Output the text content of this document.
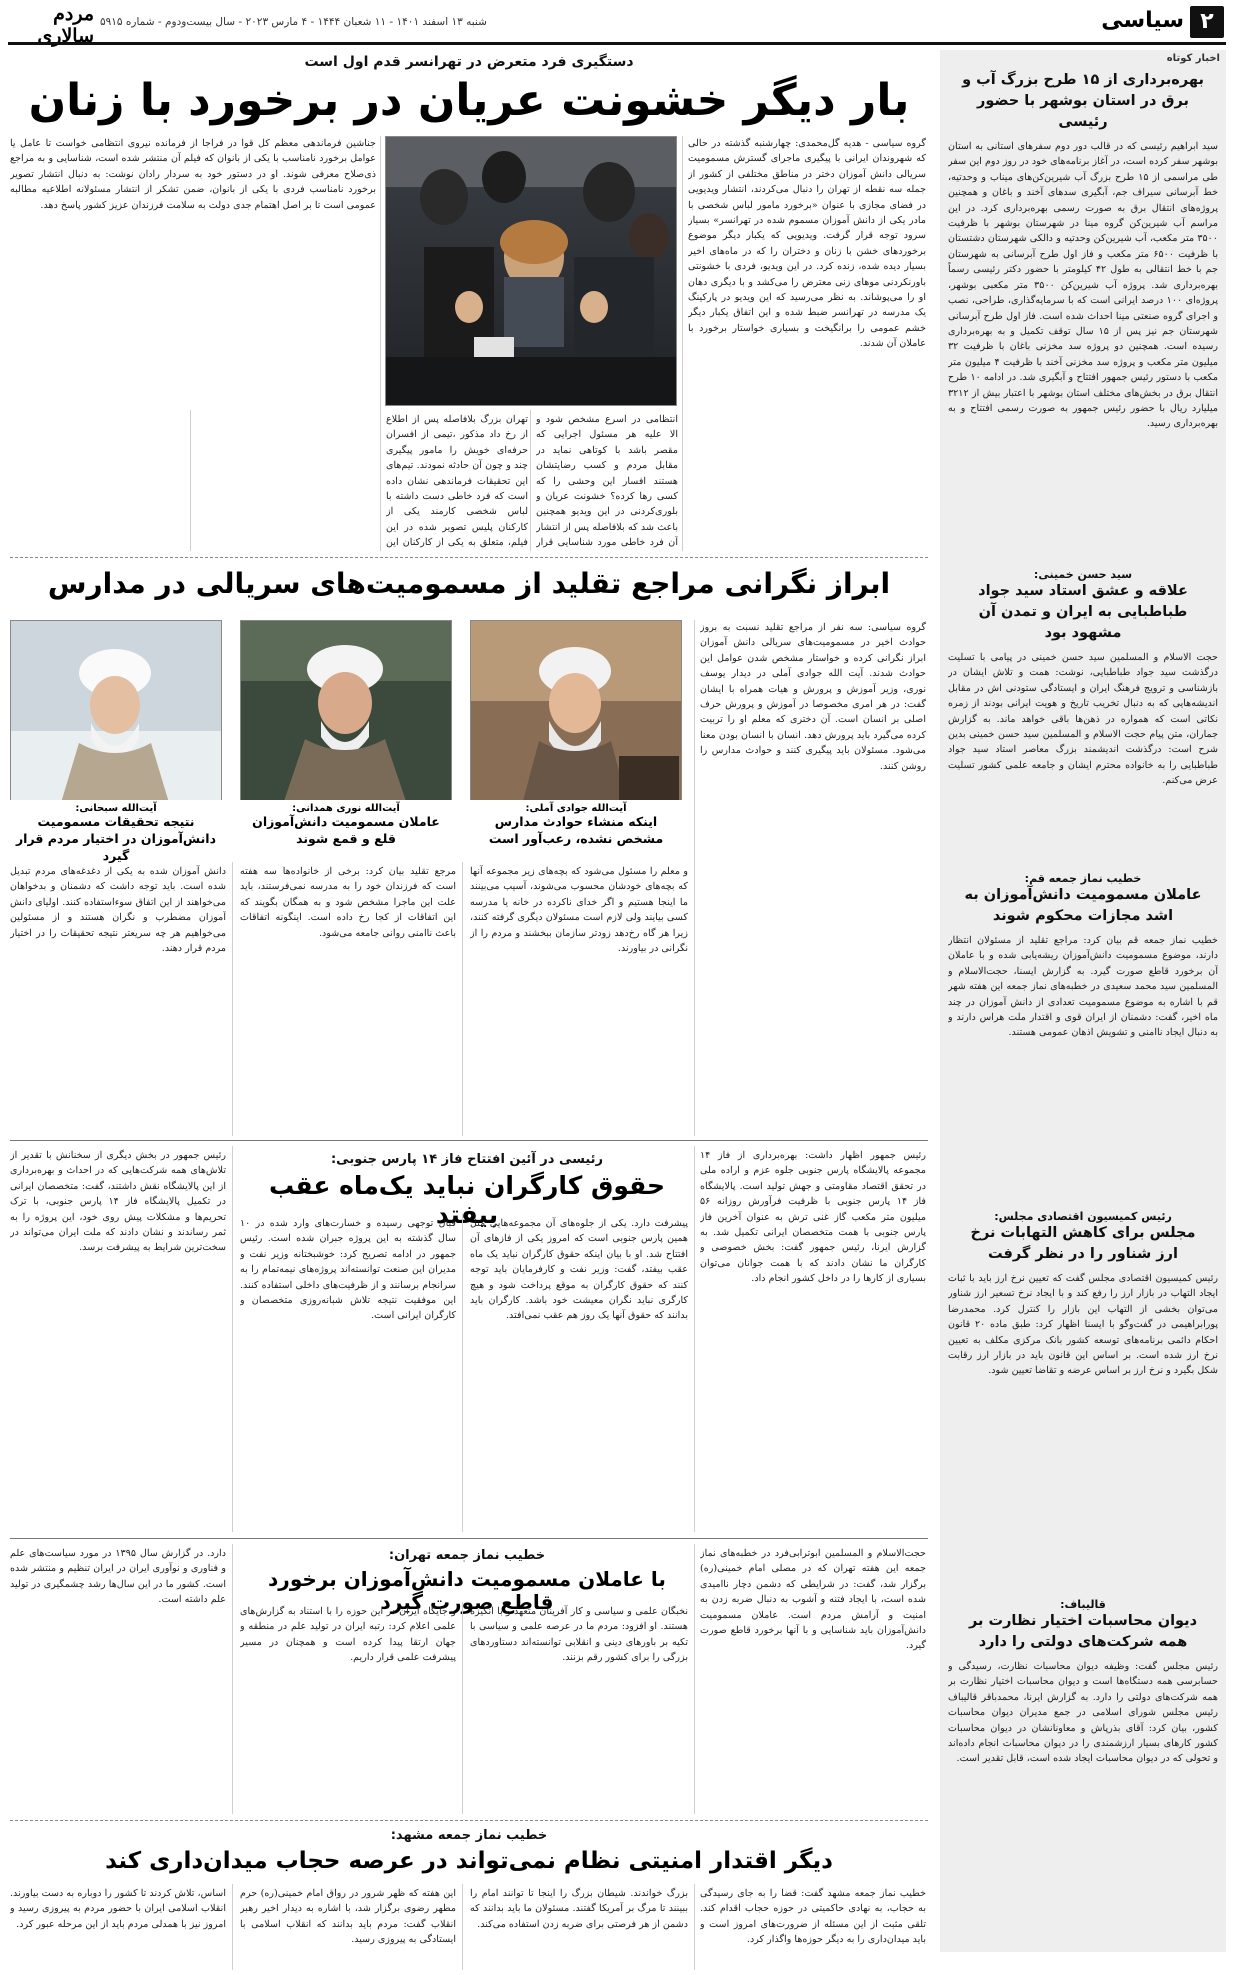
۲
سیاسی
شنبه ۱۳ اسفند ۱۴۰۱ - ۱۱ شعبان ۱۴۴۴ - ۴ مارس ۲۰۲۳ - سال بیست‌ودوم - شماره ۵۹۱۵
مردم سالاری
اخبار کوتاه
بهره‌برداری از ۱۵ طرح بزرگ آب و برق در استان بوشهر با حضور رئیسی
سید ابراهیم رئیسی که در قالب دور دوم سفرهای استانی به استان بوشهر سفر کرده است، در آغاز برنامه‌های خود در روز دوم این سفر طی مراسمی از ۱۵ طرح بزرگ آب شیرین‌کن‌های میناب و وحدتیه، خط آبرسانی سیراف جم، آبگیری سدهای آخند و باغان و همچنین پروژه‌های انتقال برق به صورت رسمی بهره‌برداری کرد. در این مراسم آب شیرین‌کن گروه مینا در شهرستان بوشهر با ظرفیت ۳۵۰۰ متر مکعب، آب شیرین‌کن وحدتیه و دالکی شهرستان دشتستان با ظرفیت ۶۵۰۰ متر مکعب و فاز اول طرح آبرسانی به شهرستان جم با خط انتقالی به طول ۴۲ کیلومتر با حضور دکتر رئیسی رسماً بهره‌برداری شد. پروژه آب شیرین‌کن ۳۵۰۰ متر مکعبی بوشهر، پروژه‌ای ۱۰۰ درصد ایرانی است که با سرمایه‌گذاری، طراحی، نصب و اجرای گروه صنعتی مینا احداث شده است. فاز اول طرح آبرسانی شهرستان جم نیز پس از ۱۵ سال توقف تکمیل و به بهره‌برداری رسیده است. همچنین دو پروژه سد مخزنی باغان با ظرفیت ۳۲ میلیون متر مکعب و پروژه سد مخزنی آخند با ظرفیت ۴ میلیون متر مکعب با دستور رئیس جمهور افتتاح و آبگیری شد. در ادامه ۱۰ طرح انتقال برق در بخش‌های مختلف استان بوشهر با اعتبار بیش از ۳۲۱۲ میلیارد ریال با حضور رئیس جمهور به صورت رسمی افتتاح و به بهره‌برداری رسید.
سید حسن خمینی:
علاقه و عشق استاد سید جواد طباطبایی به ایران و تمدن آن مشهود بود
حجت الاسلام و المسلمین سید حسن خمینی در پیامی با تسلیت درگذشت سید جواد طباطبایی، نوشت: همت و تلاش ایشان در بازشناسی و ترویج فرهنگ ایران و ایستادگی ستودنی اش در مقابل اندیشه‌هایی که به دنبال تخریب تاریخ و هویت ایرانی بودند از زمره نکاتی است که همواره در ذهن‌ها باقی خواهد ماند. به گزارش جماران، متن پیام حجت الاسلام و المسلمین سید حسن خمینی بدین شرح است: درگذشت اندیشمند بزرگ معاصر استاد سید جواد طباطبایی را به خانواده محترم ایشان و جامعه علمی کشور تسلیت عرض می‌کنم.
خطیب نماز جمعه قم:
عاملان مسمومیت دانش‌آموزان به اشد مجازات محکوم شوند
خطیب نماز جمعه قم بیان کرد: مراجع تقلید از مسئولان انتظار دارند، موضوع مسمومیت دانش‌آموزان ریشه‌یابی شده و با عاملان آن برخورد قاطع صورت گیرد. به گزارش ایسنا، حجت‌الاسلام و المسلمین سید محمد سعیدی در خطبه‌های نماز جمعه این هفته شهر قم با اشاره به موضوع مسمومیت تعدادی از دانش آموزان در چند ماه اخیر، گفت: دشمنان از ایران قوی و اقتدار ملت هراس دارند و به دنبال ایجاد ناامنی و تشویش اذهان عمومی هستند.
رئیس کمیسیون اقتصادی مجلس:
مجلس برای کاهش التهابات نرخ ارز شناور را در نظر گرفت
رئیس کمیسیون اقتصادی مجلس گفت که تعیین نرخ ارز باید با ثبات ایجاد التهاب در بازار ارز را رفع کند و با ایجاد نرخ تسعیر ارز شناور می‌توان بخشی از التهاب این بازار را کنترل کرد. محمدرضا پورابراهیمی در گفت‌وگو با ایسنا اظهار کرد: طبق ماده ۲۰ قانون احکام دائمی برنامه‌های توسعه کشور بانک مرکزی مکلف به تعیین نرخ ارز شده است. بر اساس این قانون باید در بازار ارز رقابت شکل بگیرد و نرخ ارز بر اساس عرضه و تقاضا تعیین شود.
قالیباف:
دیوان محاسبات اختیار نظارت بر همه شرکت‌های دولتی را دارد
رئیس مجلس گفت: وظیفه دیوان محاسبات نظارت، رسیدگی و حسابرسی همه دستگاه‌ها است و دیوان محاسبات اختیار نظارت بر همه شرکت‌های دولتی را دارد. به گزارش ایرنا، محمدباقر قالیباف رئیس مجلس شورای اسلامی در جمع مدیران دیوان محاسبات کشور، بیان کرد: آقای بذرپاش و معاونانشان در دیوان محاسبات کشور کارهای بسیار ارزشمندی را در دیوان محاسبات انجام داده‌اند و تحولی که در دیوان محاسبات ایجاد شده است، قابل تقدیر است.
دستگیری فرد متعرض در تهرانسر قدم اول است
بار دیگر خشونت عریان در برخورد با زنان
گروه سیاسی - هدیه گل‌محمدی: چهارشنبه گذشته در حالی که شهروندان ایرانی با پیگیری ماجرای گسترش مسمومیت سریالی دانش آموزان دختر در مناطق مختلفی از کشور از جمله سه نقطه از تهران را دنبال می‌کردند، انتشار ویدیویی در فضای مجازی با عنوان «برخورد مامور لباس شخصی با مادر یکی از دانش آموزان مسموم شده در تهرانسر» بسیار سرود توجه قرار گرفت. ویدیویی که یکبار دیگر موضوع برخوردهای خشن با زنان و دختران را که در ماه‌های اخیر بسیار دیده شده، زنده کرد. در این ویدیو، فردی با خشونتی باورنکردنی موهای زنی معترض را می‌کشد و با دیگری دهان او را می‌پوشاند. به نظر می‌رسید که این ویدیو در پارکینگ یک مدرسه در تهرانسر ضبط شده و این اتفاق یکبار دیگر خشم عمومی را برانگیخت و بسیاری خواستار برخورد با عاملان آن شدند.
انتظامی در اسرع مشخص شود و الا علیه هر مسئول اجرایی که مقصر باشد با کوتاهی نماید در مقابل مردم و کسب رضایتشان هستند افسار این وحشی را که کسی رها کرده؟ خشونت عریان و بلوری‌کردنی در این ویدیو همچنین باعث شد که بلافاصله پس از انتشار آن فرد خاطی مورد شناسایی قرار
تهران بزرگ بلافاصله پس از اطلاع از رخ داد مذکور ،تیمی از افسران حرفه‌ای خویش را مامور پیگیری چند و چون آن حادثه نمودند. تیم‌های این تحقیقات فرماندهی نشان داده است که فرد خاطی دست داشته با لباس شخصی کارمند یکی از کارکنان پلیس تصویر شده در این فیلم، متعلق به یکی از کارکنان این
جناشین فرماندهی معظم کل قوا در فراجا از فرمانده نیروی انتظامی خواست تا عامل یا عوامل برخورد نامناسب با یکی از بانوان که فیلم آن منتشر شده است، شناسایی و به مراجع ذی‌صلاح معرفی شوند. او در دستور خود به سردار رادان نوشت: به دنبال انتشار تصویر برخورد نامناسب فردی با یکی از بانوان، ضمن تشکر از انتشار مسئولانه اطلاعیه مطالبه عمومی است تا بر اصل اهتمام جدی دولت به سلامت فرزندان عزیز کشور پاسخ دهد.
ابراز نگرانی مراجع تقلید از مسمومیت‌های سریالی در مدارس
آیت‌الله جوادی آملی:
اینکه منشاء حوادث مدارس مشخص نشده، رعب‌آور است
آیت‌الله نوری همدانی:
عاملان مسمومیت دانش‌آموزان قلع و قمع شوند
آیت‌الله سبحانی:
نتیجه تحقیقات مسمومیت دانش‌آموزان در اختیار مردم قرار گیرد
گروه سیاسی: سه نفر از مراجع تقلید نسبت به بروز حوادث اخیر در مسمومیت‌های سریالی دانش آموزان ابراز نگرانی کرده و خواستار مشخص شدن عوامل این حوادث شدند. آیت الله جوادی آملی در دیدار یوسف نوری، وزیر آموزش و پرورش و هیات همراه با ایشان گفت: در هر امری مخصوصا در آموزش و پرورش حرف اصلی بر انسان است. آن دختری که معلم او را تربیت کرده می‌گیرد باید پرورش دهد. انسان با انسان بودن معنا می‌شود. مسئولان باید پیگیری کنند و حوادث مدارس را روشن کنند.
و معلم را مسئول می‌شود که بچه‌های زیر مجموعه آنها که بچه‌های خودشان محسوب می‌شوند، آسیب می‌بینند ما اینجا هستیم و اگر خدای ناکرده در خانه یا مدرسه کسی بیایند ولی لازم است مسئولان دیگری گرفته کنند، زیرا هر گاه رخ‌دهد زودتر سازمان ببخشند و مردم را از نگرانی در بیاورند.
مرجع تقلید بیان کرد: برخی از خانواده‌ها سه هفته است که فرزندان خود را به مدرسه نمی‌فرستند، باید علت این ماجرا مشخص شود و به همگان بگویند که این اتفاقات از کجا رخ داده است. اینگونه اتفاقات باعث ناامنی روانی جامعه می‌شود.
دانش آموزان شده به یکی از دغدغه‌های مردم تبدیل شده است. باید توجه داشت که دشمنان و بدخواهان می‌خواهند از این اتفاق سوءاستفاده کنند. اولیای دانش آموزان مضطرب و نگران هستند و از مسئولین می‌خواهیم هر چه سریعتر نتیجه تحقیقات را در اختیار مردم قرار دهند.
رئیسی در آئین افتتاح فاز ۱۴ پارس جنوبی:
حقوق کارگران نباید یک‌ماه عقب بیفتد
رئیس جمهور اظهار داشت: بهره‌برداری از فاز ۱۴ مجموعه پالایشگاه پارس جنوبی جلوه عزم و اراده ملی در تحقق اقتصاد مقاومتی و جهش تولید است. پالایشگاه فاز ۱۴ پارس جنوبی با ظرفیت فرآورش روزانه ۵۶ میلیون متر مکعب گاز غنی ترش به عنوان آخرین فاز پارس جنوبی با همت متخصصان ایرانی تکمیل شد. به گزارش ایرنا، رئیس جمهور گفت: بخش خصوصی و کارگران ما نشان دادند که با همت جوانان می‌توان بسیاری از کارها را در داخل کشور انجام داد.
پیشرفت دارد. یکی از جلوه‌های آن مجموعه‌هایی مثل همین پارس جنوبی است که امروز یکی از فازهای آن افتتاح شد. او با بیان اینکه حقوق کارگران نباید یک ماه عقب بیفتد، گفت: وزیر نفت و کارفرمایان باید توجه کنند که حقوق کارگران به موقع پرداخت شود و هیچ کارگری نباید نگران معیشت خود باشد. کارگران باید بدانند که حقوق آنها یک روز هم عقب نمی‌افتد.
قبال توجهی رسیده و خسارت‌های وارد شده در ۱۰ سال گذشته به این پروژه جبران شده است. رئیس جمهور در ادامه تصریح کرد: خوشبختانه وزیر نفت و مدیران این صنعت توانسته‌اند پروژه‌های نیمه‌تمام را به سرانجام برسانند و از ظرفیت‌های داخلی استفاده کنند. این موفقیت نتیجه تلاش شبانه‌روزی متخصصان و کارگران ایرانی است.
رئیس جمهور در بخش دیگری از سخنانش با تقدیر از تلاش‌های همه شرکت‌هایی که در احداث و بهره‌برداری از این پالایشگاه نقش داشتند، گفت: متخصصان ایرانی در تکمیل پالایشگاه فاز ۱۴ پارس جنوبی، با ترک تحریم‌ها و مشکلات پیش روی خود، این پروژه را به ثمر رساندند و نشان دادند که ملت ایران می‌تواند در سخت‌ترین شرایط به پیشرفت برسد.
خطیب نماز جمعه تهران:
با عاملان مسمومیت دانش‌آموزان برخورد قاطع صورت گیرد
حجت‌الاسلام و المسلمین ابوترابی‌فرد در خطبه‌های نماز جمعه این هفته تهران که در مصلی امام خمینی(ره) برگزار شد، گفت: در شرایطی که دشمن دچار ناامیدی شده است، با ایجاد فتنه و آشوب به دنبال ضربه زدن به امنیت و آرامش مردم است. عاملان مسمومیت دانش‌آموزان باید شناسایی و با آنها برخورد قاطع صورت گیرد.
نخبگان علمی و سیاسی و کار آفرینان متعهد و با انگیزه هستند. او افزود: مردم ما در عرصه علمی و سیاسی با تکیه بر باورهای دینی و انقلابی توانسته‌اند دستاوردهای بزرگی را برای کشور رقم بزنند.
و جایگاه ایران در این حوزه را با استناد به گزارش‌های علمی اعلام کرد: رتبه ایران در تولید علم در منطقه و جهان ارتقا پیدا کرده است و همچنان در مسیر پیشرفت علمی قرار داریم.
دارد. در گزارش سال ۱۳۹۵ در مورد سیاست‌های علم و فناوری و نوآوری ایران در ایران تنظیم و منتشر شده است. کشور ما در این سال‌ها رشد چشمگیری در تولید علم داشته است.
خطیب نماز جمعه مشهد:
دیگر اقتدار امنیتی نظام نمی‌تواند در عرصه حجاب میدان‌داری کند
خطیب نماز جمعه مشهد گفت: قضا را به جای رسیدگی به حجاب، به نهادی حاکمیتی در حوزه حجاب اقدام کند. تلقی مثبت از این مسئله از ضرورت‌های امروز است و باید میدان‌داری را به دیگر حوزه‌ها واگذار کرد.
بزرگ خواندند. شیطان بزرگ را اینجا تا توانند امام را ببینند تا مرگ بر آمریکا گفتند. مسئولان ما باید بدانند که دشمن از هر فرصتی برای ضربه زدن استفاده می‌کند.
این هفته که ظهر شرور در رواق امام خمینی(ره) حرم مطهر رضوی برگزار شد، با اشاره به دیدار اخیر رهبر انقلاب گفت: مردم باید بدانند که انقلاب اسلامی با ایستادگی به پیروزی رسید.
اساس، تلاش کردند تا کشور را دوباره به دست بیاورند. انقلاب اسلامی ایران با حضور مردم به پیروزی رسید و امروز نیز با همدلی مردم باید از این مرحله عبور کرد.
